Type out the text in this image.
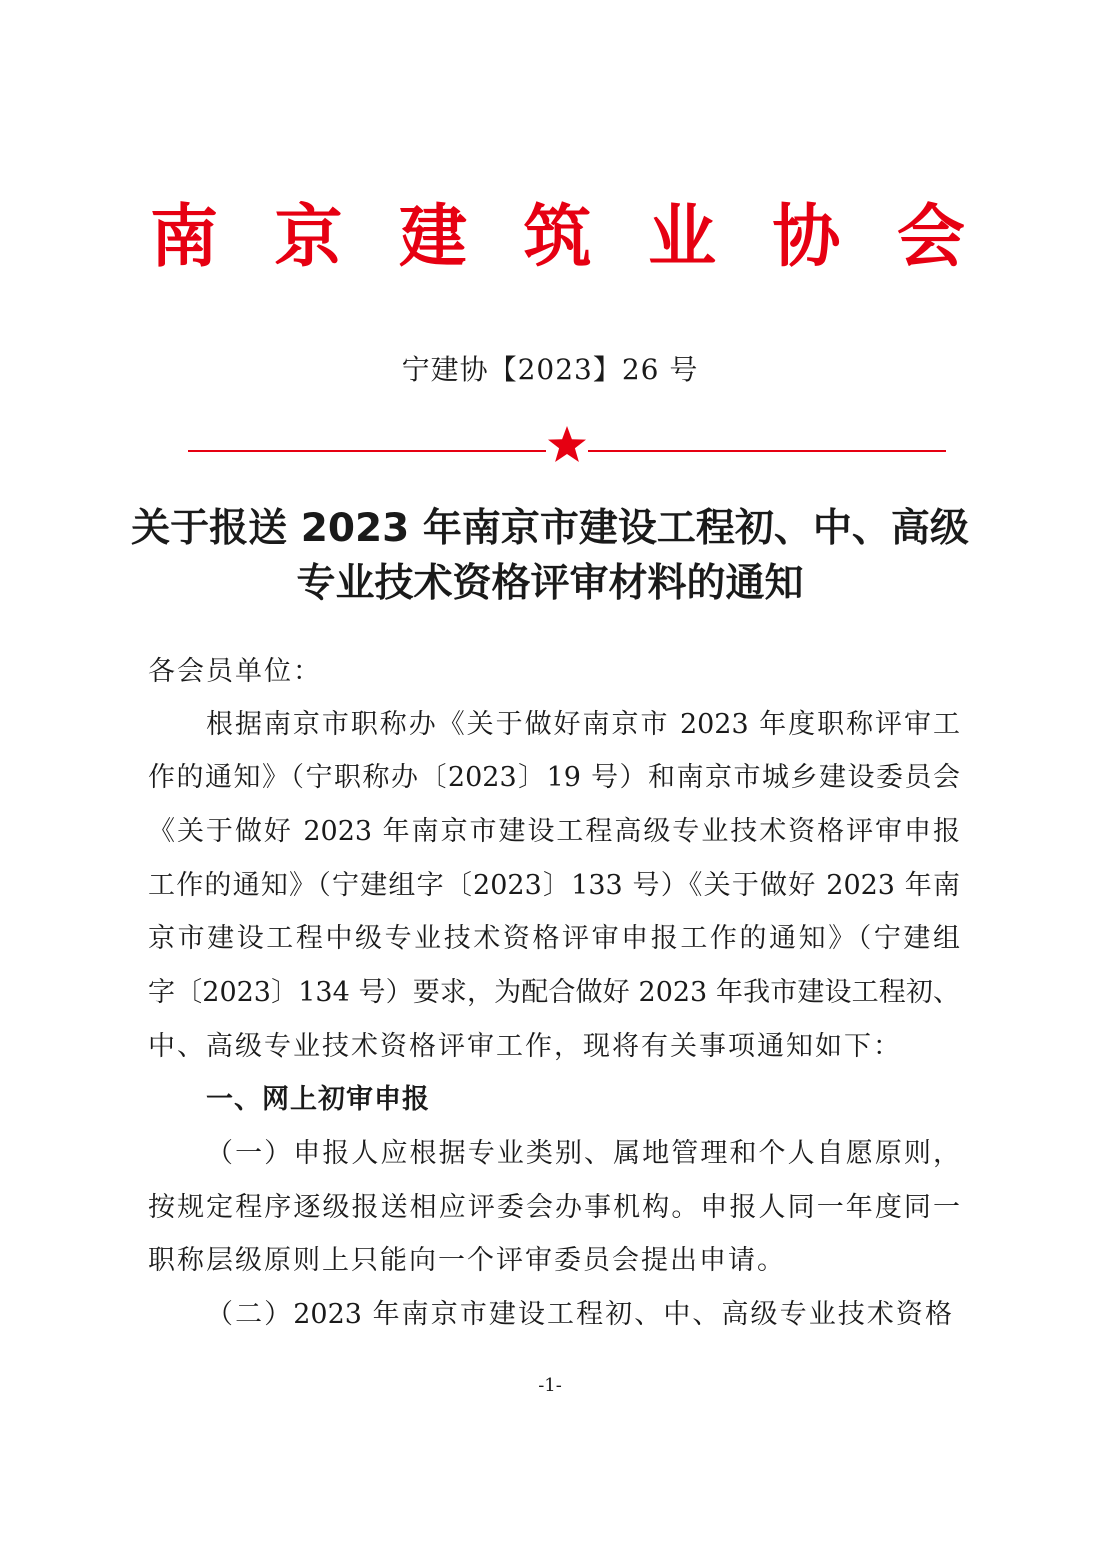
南 京 建 筑 业 协 会
宁建协【2023】26 号
关于报送 2023 年南京市建设工程初、中、高级
专业技术资格评审材料的通知
各会员单位：
根据南京市职称办《关于做好南京市 2023 年度职称评审工
作的通知》（宁职称办〔2023〕19 号）和南京市城乡建设委员会
《关于做好 2023 年南京市建设工程高级专业技术资格评审申报
工作的通知》（宁建组字〔2023〕133 号）《关于做好 2023 年南
京市建设工程中级专业技术资格评审申报工作的通知》（宁建组
字〔2023〕134 号）要求，为配合做好 2023 年我市建设工程初、
中、高级专业技术资格评审工作，现将有关事项通知如下：
一、网上初审申报
（一）申报人应根据专业类别、属地管理和个人自愿原则，
按规定程序逐级报送相应评委会办事机构。申报人同一年度同一
职称层级原则上只能向一个评审委员会提出申请。
（二）2023 年南京市建设工程初、中、高级专业技术资格
-1-
